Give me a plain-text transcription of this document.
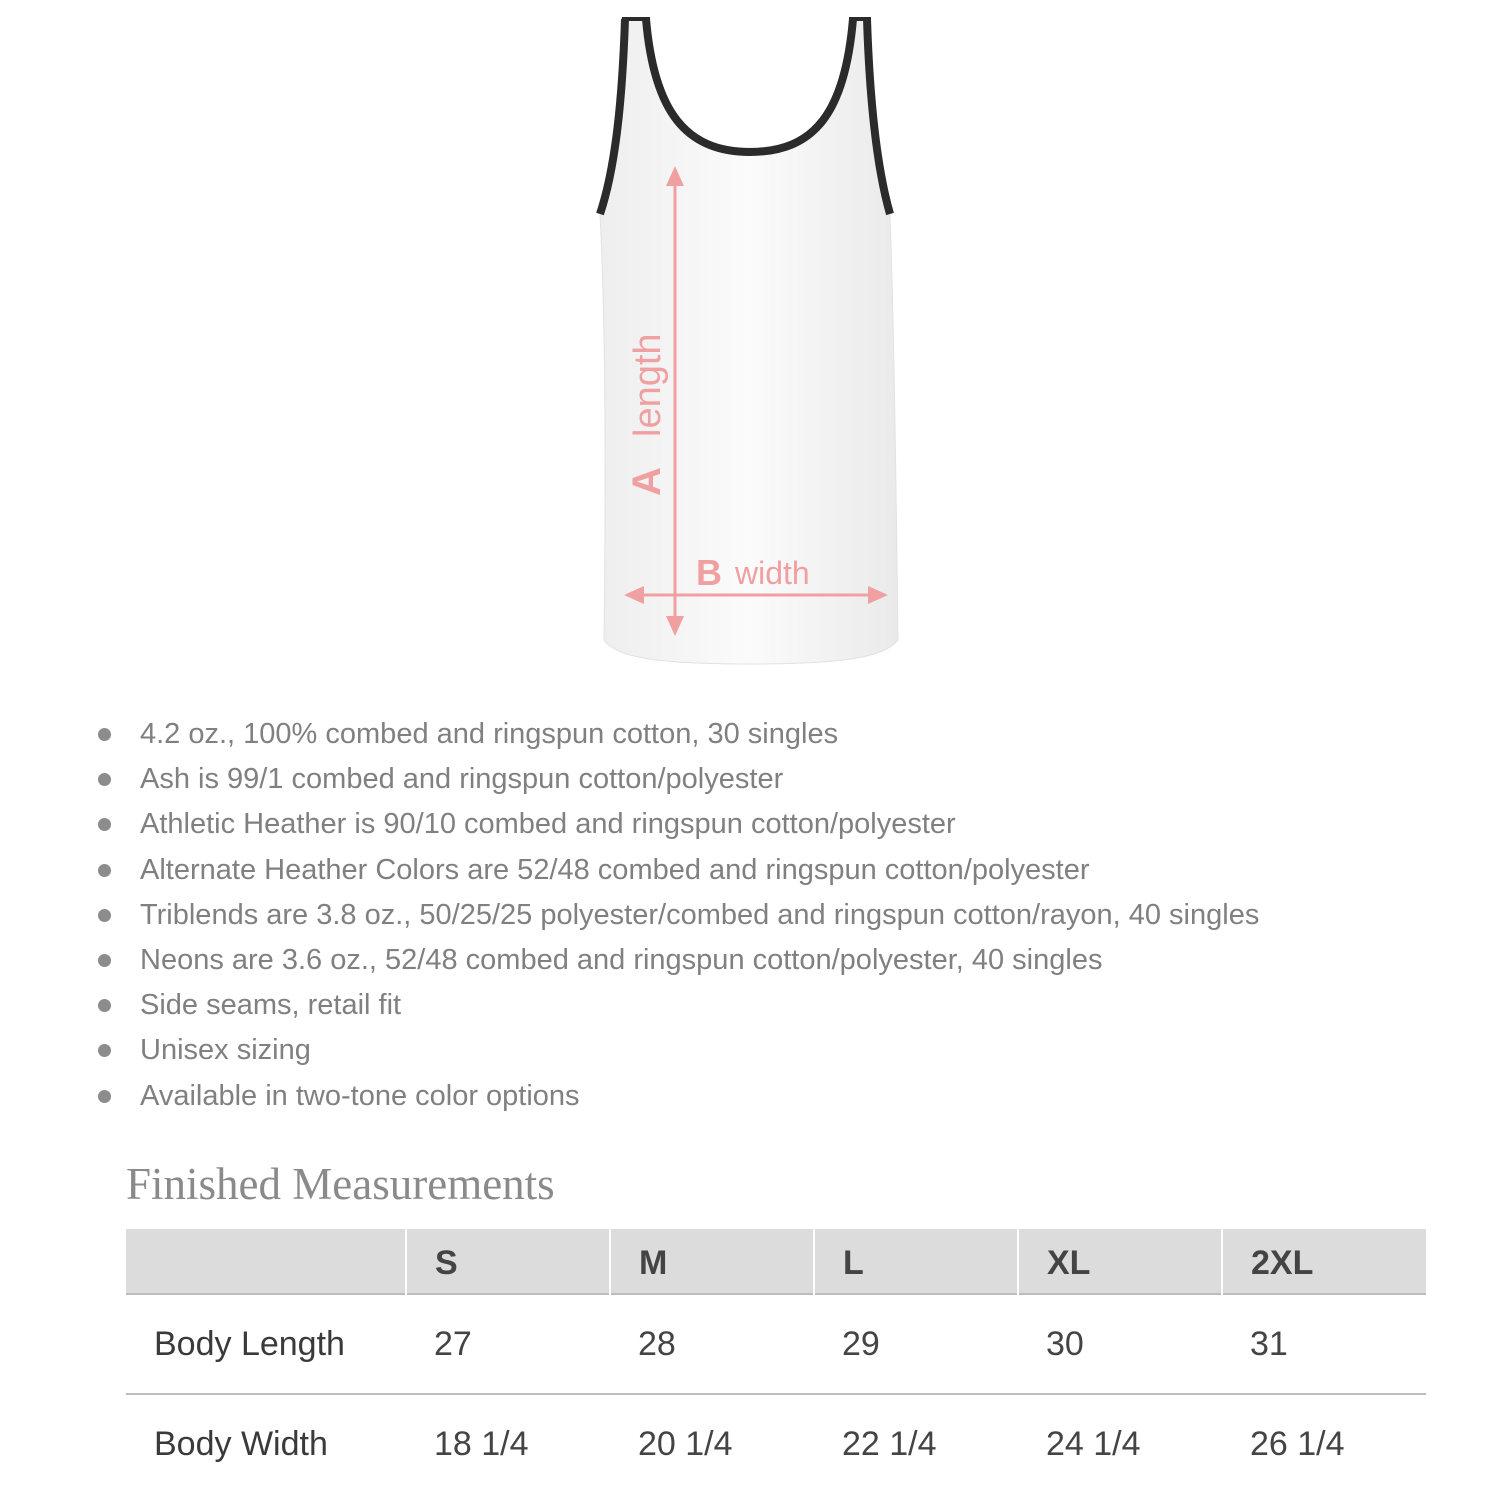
A
length
B width
4.2 oz., 100% combed and ringspun cotton, 30 singles
Ash is 99/1 combed and ringspun cotton/polyester
Athletic Heather is 90/10 combed and ringspun cotton/polyester
Alternate Heather Colors are 52/48 combed and ringspun cotton/polyester
Triblends are 3.8 oz., 50/25/25 polyester/combed and ringspun cotton/rayon, 40 singles
Neons are 3.6 oz., 52/48 combed and ringspun cotton/polyester, 40 singles
Side seams, retail fit
Unisex sizing
Available in two-tone color options
Finished Measurements
	S	M	L	XL	2XL
Body Length	27	28	29	30	31
Body Width	18 1/4	20 1/4	22 1/4	24 1/4	26 1/4
